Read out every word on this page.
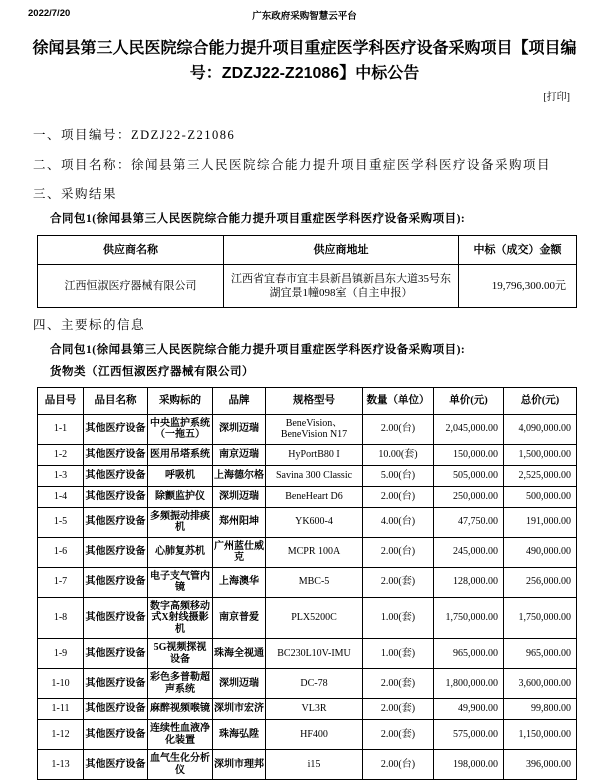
2022/7/20	广东政府采购智慧云平台
徐闻县第三人民医院综合能力提升项目重症医学科医疗设备采购项目【项目编号：ZDZJ22-Z21086】中标公告
[打印]
一、项目编号：ZDZJ22-Z21086
二、项目名称：徐闻县第三人民医院综合能力提升项目重症医学科医疗设备采购项目
三、采购结果
合同包1(徐闻县第三人民医院综合能力提升项目重症医学科医疗设备采购项目):
供应商名称	供应商地址	中标（成交）金额
江西恒淑医疗器械有限公司	江西省宜春市宜丰县新昌镇新昌东大道35号东湖宜景1幢098室（自主申报）	19,796,300.00元
四、主要标的信息
合同包1(徐闻县第三人民医院综合能力提升项目重症医学科医疗设备采购项目):
货物类（江西恒淑医疗器械有限公司）
品目号	品目名称	采购标的	品牌	规格型号	数量（单位）	单价(元)	总价(元)
1-1	其他医疗设备	中央监护系统（一拖五）	深圳迈瑞	BeneVision、BeneVision N17	2.00(台)	2,045,000.00	4,090,000.00
1-2	其他医疗设备	医用吊塔系统	南京迈瑞	HyPortB80 I	10.00(套)	150,000.00	1,500,000.00
1-3	其他医疗设备	呼吸机	上海德尔格	Savina 300 Classic	5.00(台)	505,000.00	2,525,000.00
1-4	其他医疗设备	除颤监护仪	深圳迈瑞	BeneHeart D6	2.00(台)	250,000.00	500,000.00
1-5	其他医疗设备	多频振动排痰机	郑州阳坤	YK600-4	4.00(台)	47,750.00	191,000.00
1-6	其他医疗设备	心肺复苏机	广州蓝仕威克	MCPR 100A	2.00(台)	245,000.00	490,000.00
1-7	其他医疗设备	电子支气管内镜	上海澳华	MBC-5	2.00(套)	128,000.00	256,000.00
1-8	其他医疗设备	数字高频移动式X射线摄影机	南京普爱	PLX5200C	1.00(套)	1,750,000.00	1,750,000.00
1-9	其他医疗设备	5G视频探视设备	珠海全视通	BC230L10V-IMU	1.00(套)	965,000.00	965,000.00
1-10	其他医疗设备	彩色多普勒超声系统	深圳迈瑞	DC-78	2.00(套)	1,800,000.00	3,600,000.00
1-11	其他医疗设备	麻醉视频喉镜	深圳市宏济	VL3R	2.00(套)	49,900.00	99,800.00
1-12	其他医疗设备	连续性血液净化装置	珠海弘陞	HF400	2.00(套)	575,000.00	1,150,000.00
1-13	其他医疗设备	血气生化分析仪	深圳市理邦	i15	2.00(台)	198,000.00	396,000.00
